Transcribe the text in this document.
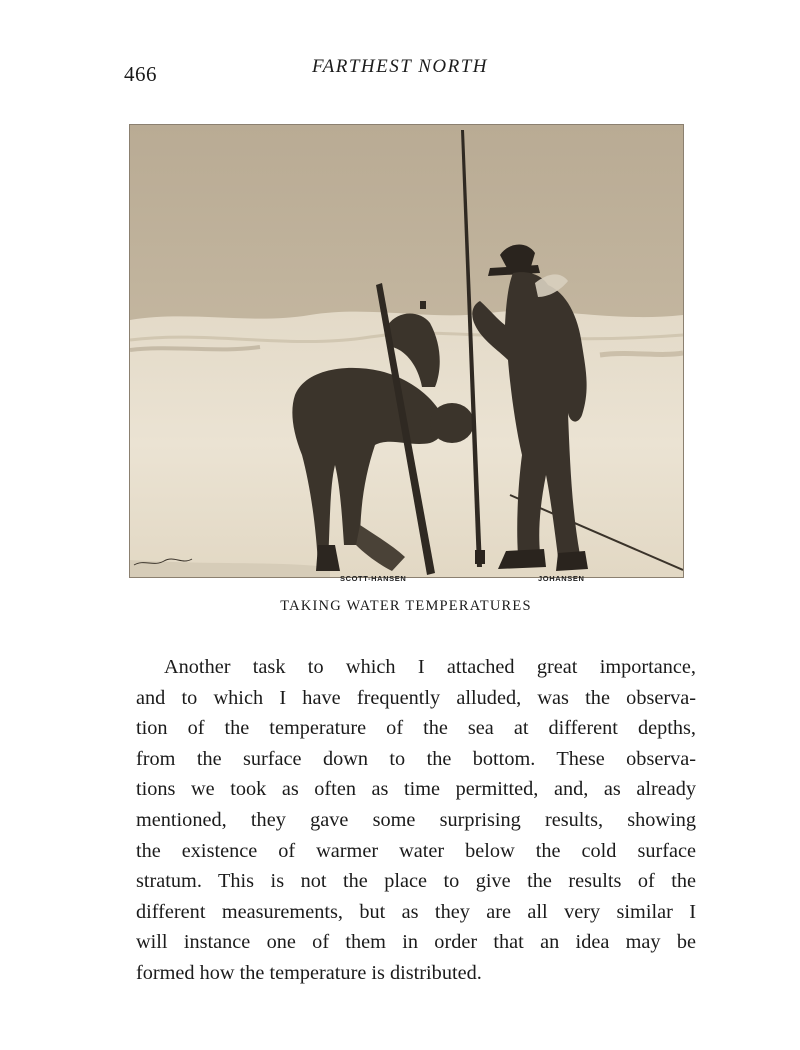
466	FARTHEST NORTH
SCOTT-HANSEN	JOHANSEN
TAKING WATER TEMPERATURES
Another task to which I attached great importance,
and to which I have frequently alluded, was the observa-
tion of the temperature of the sea at different depths,
from the surface down to the bottom. These observa-
tions we took as often as time permitted, and, as already
mentioned, they gave some surprising results, showing
the existence of warmer water below the cold surface
stratum. This is not the place to give the results of the
different measurements, but as they are all very similar I
will instance one of them in order that an idea may be
formed how the temperature is distributed.
